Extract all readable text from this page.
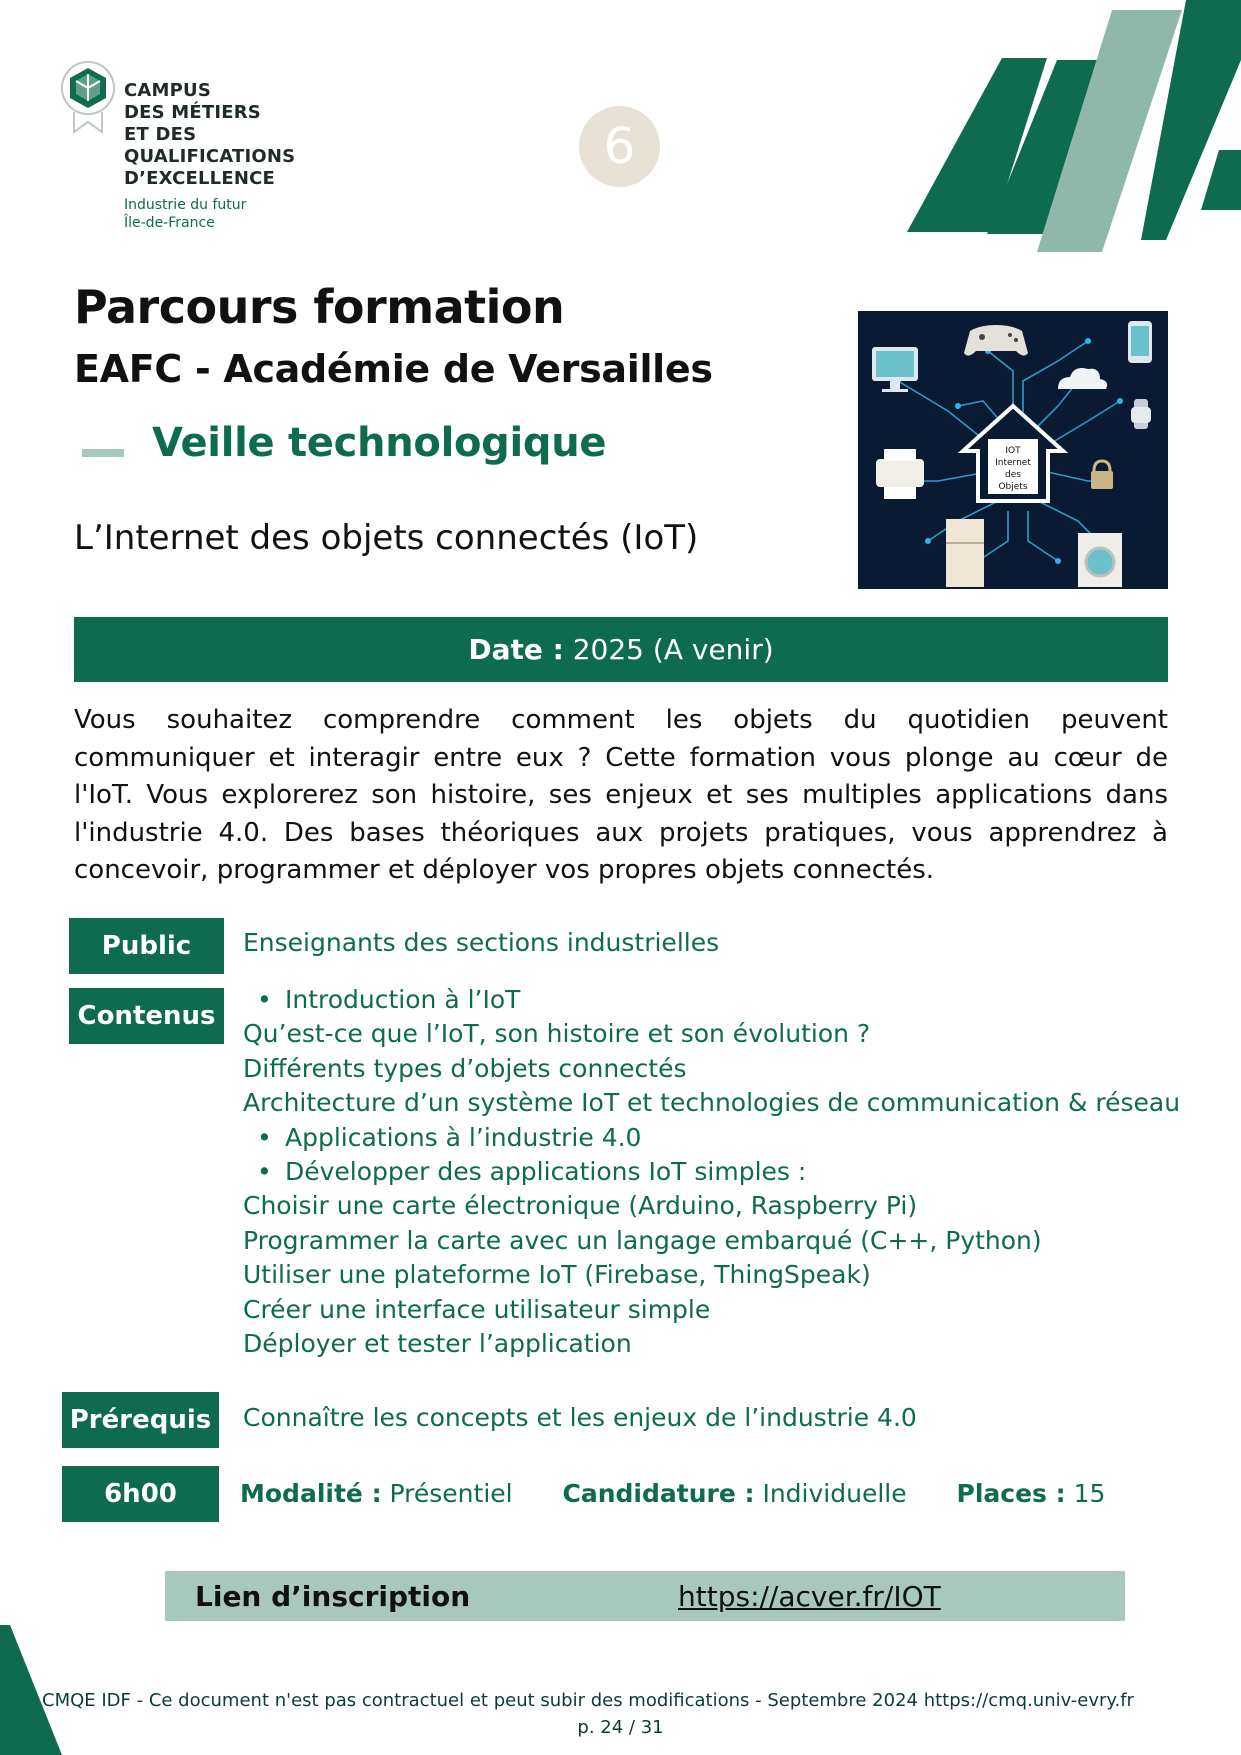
CAMPUS
DES MÉTIERS
ET DES
QUALIFICATIONS
D’EXCELLENCE
Industrie du futur
Île-de-France
6
Parcours formation
EAFC - Académie de Versailles
Veille technologique
L’Internet des objets connectés (IoT)
IOT
Internet
des
Objets
Date : 2025 (A venir)
Vous souhaitez comprendre comment les objets du quotidien peuvent communiquer et interagir entre eux ? Cette formation vous plonge au cœur de l'IoT. Vous explorerez son histoire, ses enjeux et ses multiples applications dans l'industrie 4.0. Des bases théoriques aux projets pratiques, vous apprendrez à concevoir, programmer et déployer vos propres objets connectés.
Public	Enseignants des sections industrielles
Contenus
• Introduction à l’IoT
Qu’est-ce que l’IoT, son histoire et son évolution ?
Différents types d’objets connectés
Architecture d’un système IoT et technologies de communication & réseau
• Applications à l’industrie 4.0
• Développer des applications IoT simples :
Choisir une carte électronique (Arduino, Raspberry Pi)
Programmer la carte avec un langage embarqué (C++, Python)
Utiliser une plateforme IoT (Firebase, ThingSpeak)
Créer une interface utilisateur simple
Déployer et tester l’application
Prérequis	Connaître les concepts et les enjeux de l’industrie 4.0
6h00	Modalité : Présentiel Candidature : Individuelle Places : 15
Lien d’inscription	https://acver.fr/IOT
CMQE IDF - Ce document n'est pas contractuel et peut subir des modifications - Septembre 2024 https://cmq.univ-evry.fr
p. 24 / 31
